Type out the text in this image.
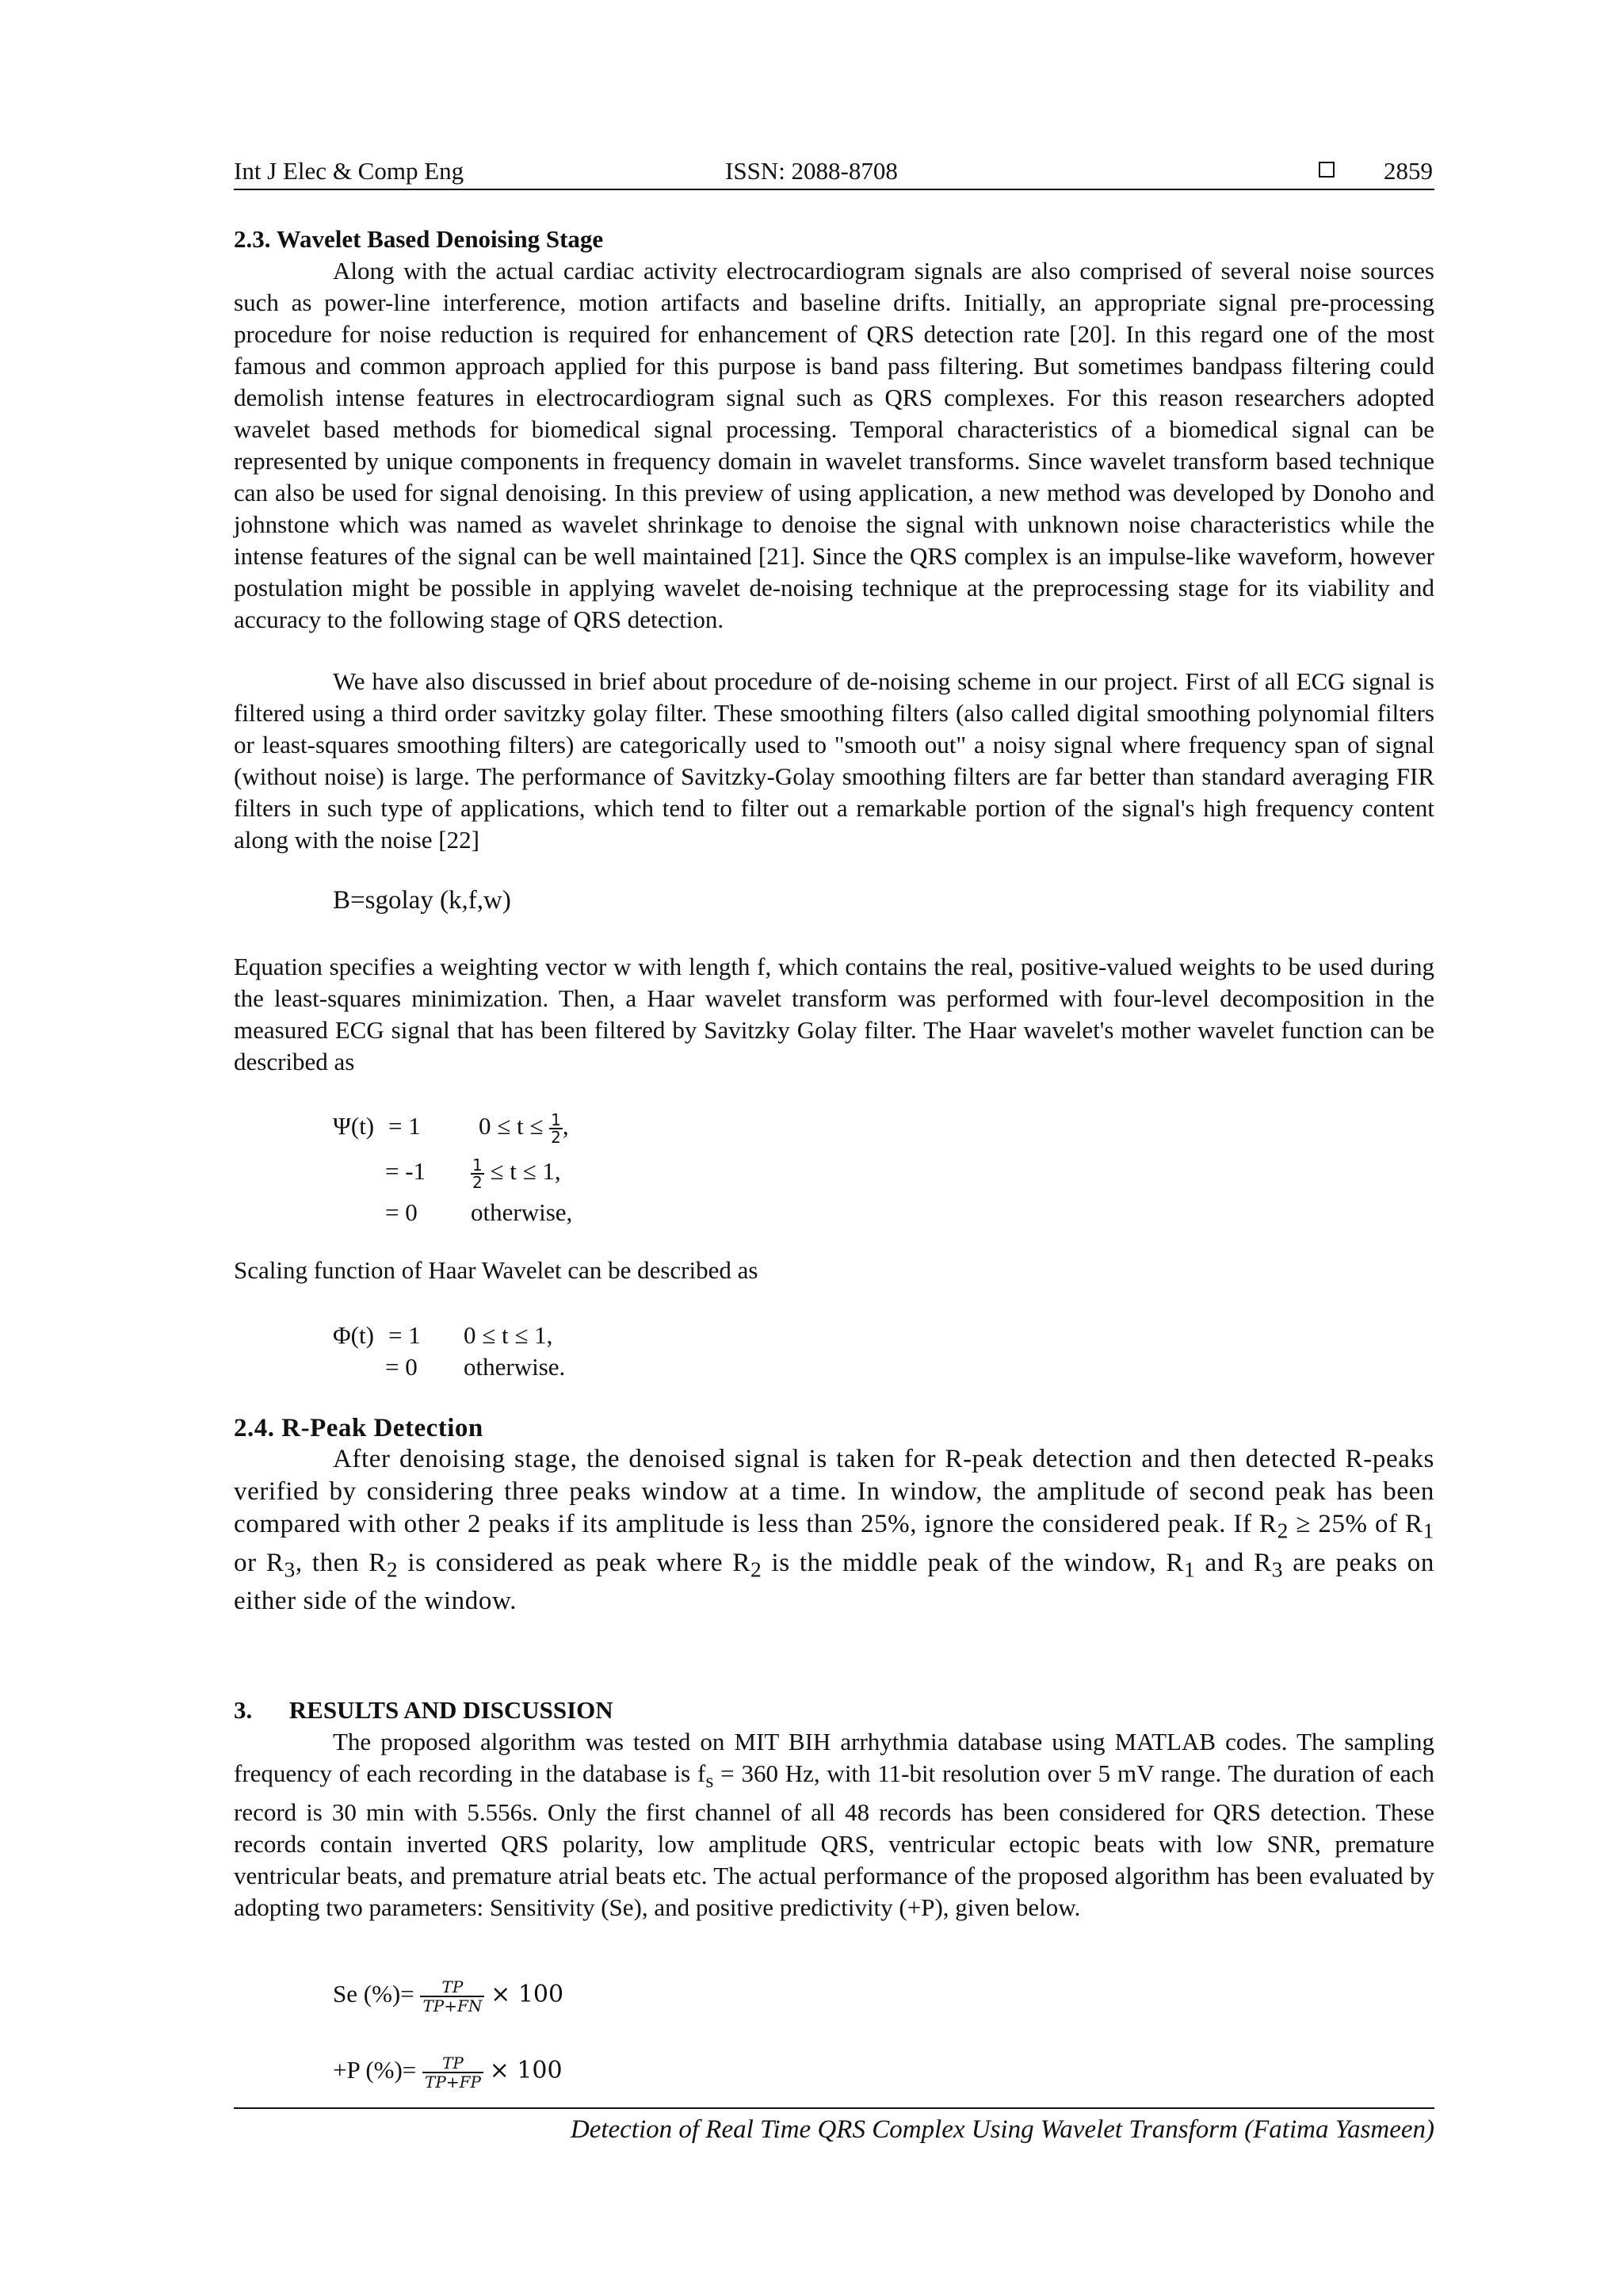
Int J Elec & Comp Eng	ISSN: 2088-8708	2859

2.3. Wavelet Based Denoising Stage

Along with the actual cardiac activity electrocardiogram signals are also comprised of several noise sources such as power-line interference, motion artifacts and baseline drifts. Initially, an appropriate signal pre-processing procedure for noise reduction is required for enhancement of QRS detection rate [20]. In this regard one of the most famous and common approach applied for this purpose is band pass filtering. But sometimes bandpass filtering could demolish intense features in electrocardiogram signal such as QRS complexes. For this reason researchers adopted wavelet based methods for biomedical signal processing. Temporal characteristics of a biomedical signal can be represented by unique components in frequency domain in wavelet transforms. Since wavelet transform based technique can also be used for signal denoising. In this preview of using application, a new method was developed by Donoho and johnstone which was named as wavelet shrinkage to denoise the signal with unknown noise characteristics while the intense features of the signal can be well maintained [21]. Since the QRS complex is an impulse-like waveform, however postulation might be possible in applying wavelet de-noising technique at the preprocessing stage for its viability and accuracy to the following stage of QRS detection.

We have also discussed in brief about procedure of de-noising scheme in our project. First of all ECG signal is filtered using a third order savitzky golay filter. These smoothing filters (also called digital smoothing polynomial filters or least-squares smoothing filters) are categorically used to "smooth out" a noisy signal where frequency span of signal (without noise) is large. The performance of Savitzky-Golay smoothing filters are far better than standard averaging FIR filters in such type of applications, which tend to filter out a remarkable portion of the signal's high frequency content along with the noise [22]

B=sgolay (k,f,w)

Equation specifies a weighting vector w with length f, which contains the real, positive-valued weights to be used during the least-squares minimization. Then, a Haar wavelet transform was performed with four-level decomposition in the measured ECG signal that has been filtered by Savitzky Golay filter. The Haar wavelet's mother wavelet function can be described as

Ψ(t) = 1 $0 \le t \le \frac{1}{2}$ ,
= -1	$\frac{1}{2} \le t \le 1$,
= 0 otherwise,

Scaling function of Haar Wavelet can be described as

Φ(t) = 1 0 ≤ t ≤ 1,
= 0 otherwise.

2.4. R-Peak Detection

After denoising stage, the denoised signal is taken for R-peak detection and then detected R-peaks verified by considering three peaks window at a time. In window, the amplitude of second peak has been compared with other 2 peaks if its amplitude is less than 25%, ignore the considered peak. If $R_2 \ge 25\%$ of $R_1$ or $R_3$, then $R_2$ is considered as peak where $R_2$ is the middle peak of the window, $R_1$ and $R_3$ are peaks on either side of the window.

3.      RESULTS AND DISCUSSION

The proposed algorithm was tested on MIT BIH arrhythmia database using MATLAB codes. The sampling frequency of each recording in the database is $f_s = 360$ Hz, with 11-bit resolution over 5 mV range. The duration of each record is 30 min with 5.556s. Only the first channel of all 48 records has been considered for QRS detection. These records contain inverted QRS polarity, low amplitude QRS, ventricular ectopic beats with low SNR, premature ventricular beats, and premature atrial beats etc. The actual performance of the proposed algorithm has been evaluated by adopting two parameters: Sensitivity (Se), and positive predictivity (+P), given below.

Se (%)= $\frac{TP}{TP+FN} \times 100$
+P (%)= $\frac{TP}{TP+FP} \times 100$
Detection of Real Time QRS Complex Using Wavelet Transform (Fatima Yasmeen)
